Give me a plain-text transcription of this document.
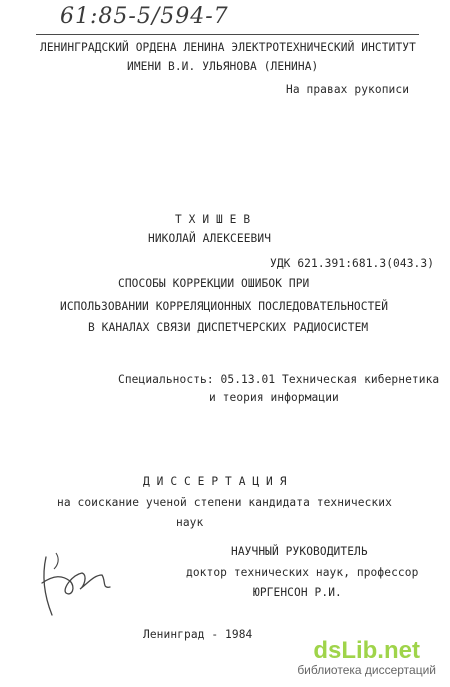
61:85-5/594-7
ЛЕНИНГРАДСКИЙ ОРДЕНА ЛЕНИНА ЭЛЕКТРОТЕХНИЧЕСКИЙ ИНСТИТУТ
ИМЕНИ В.И. УЛЬЯНОВА (ЛЕНИНА)
На правах рукописи
Т Х И Ш Е В
НИКОЛАЙ АЛЕКСЕЕВИЧ
УДК 621.391:681.3(043.3)
СПОСОБЫ КОРРЕКЦИИ ОШИБОК ПРИ
ИСПОЛЬЗОВАНИИ КОРРЕЛЯЦИОННЫХ ПОСЛЕДОВАТЕЛЬНОСТЕЙ
В КАНАЛАХ СВЯЗИ ДИСПЕТЧЕРСКИХ РАДИОСИСТЕМ
Специальность: 05.13.01 Техническая кибернетика
и теория информации
Д И С С Е Р Т А Ц И Я
на соискание ученой степени кандидата технических
наук
НАУЧНЫЙ РУКОВОДИТЕЛЬ
доктор технических наук, профессор
ЮРГЕНСОН Р.И.
Ленинград - 1984
dsLib.net
библиотека диссертаций
